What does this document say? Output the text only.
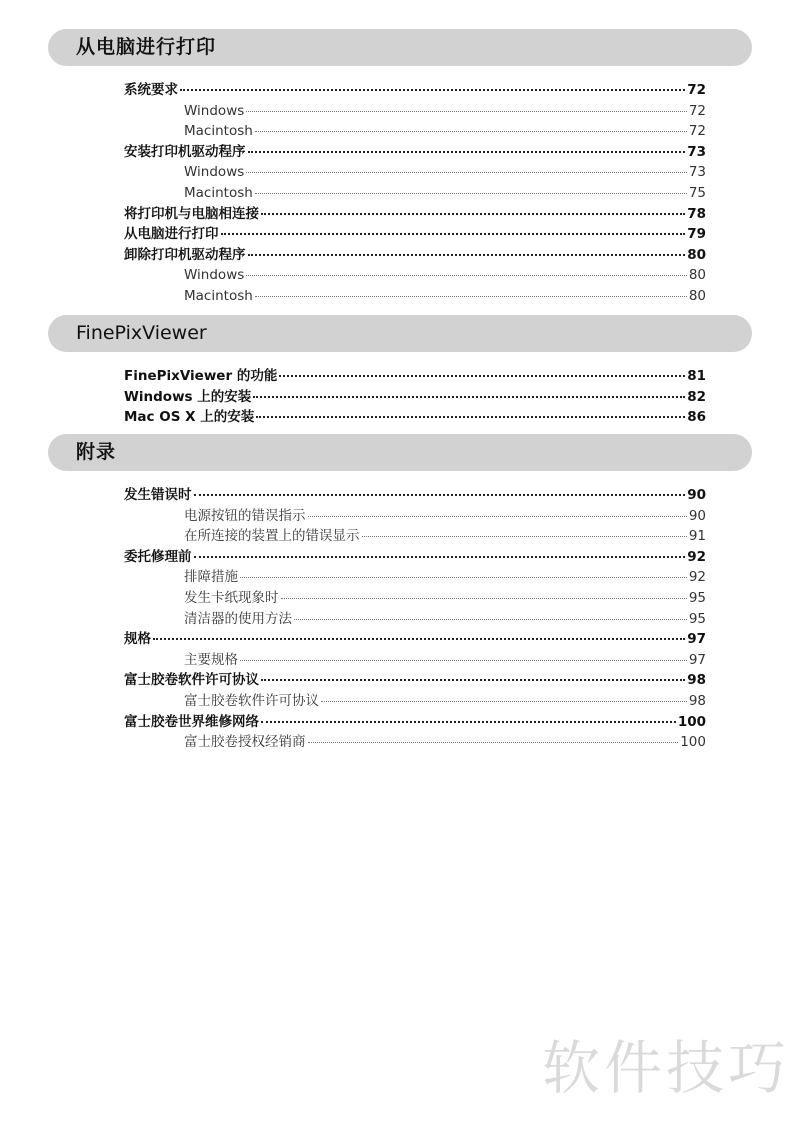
从电脑进行打印
系统要求	72
Windows	72
Macintosh	72
安装打印机驱动程序	73
Windows	73
Macintosh	75
将打印机与电脑相连接	78
从电脑进行打印	79
卸除打印机驱动程序	80
Windows	80
Macintosh	80
FinePixViewer
FinePixViewer 的功能	81
Windows 上的安装	82
Mac OS X 上的安装	86
附录
发生错误时	90
电源按钮的错误指示	90
在所连接的装置上的错误显示	91
委托修理前	92
排障措施	92
发生卡纸现象时	95
清洁器的使用方法	95
规格	97
主要规格	97
富士胶卷软件许可协议	98
富士胶卷软件许可协议	98
富士胶卷世界维修网络	100
富士胶卷授权经销商	100
软件技巧
